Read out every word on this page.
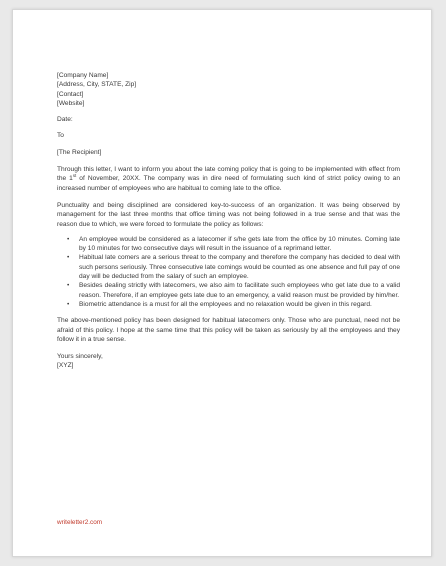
[Company Name]
[Address, City, STATE, Zip]
[Contact]
[Website]
Date:
To
[The Recipient]

Through this letter, I want to inform you about the late coming policy that is going to be implemented with effect from the 1st of November, 20XX. The company was in dire need of formulating such kind of strict policy owing to an increased number of employees who are habitual to coming late to the office.

Punctuality and being disciplined are considered key-to-success of an organization. It was being observed by management for the last three months that office timing was not being followed in a true sense and that was the reason due to which, we were forced to formulate the policy as follows:

• An employee would be considered as a latecomer if s/he gets late from the office by 10 minutes. Coming late by 10 minutes for two consecutive days will result in the issuance of a reprimand letter.
• Habitual late comers are a serious threat to the company and therefore the company has decided to deal with such persons seriously. Three consecutive late comings would be counted as one absence and full pay of one day will be deducted from the salary of such an employee.
• Besides dealing strictly with latecomers, we also aim to facilitate such employees who get late due to a valid reason. Therefore, if an employee gets late due to an emergency, a valid reason must be provided by him/her.
• Biometric attendance is a must for all the employees and no relaxation would be given in this regard.

The above-mentioned policy has been designed for habitual latecomers only. Those who are punctual, need not be afraid of this policy. I hope at the same time that this policy will be taken as seriously by all the employees and they follow it in a true sense.

Yours sincerely,
[XYZ]
writeletter2.com
